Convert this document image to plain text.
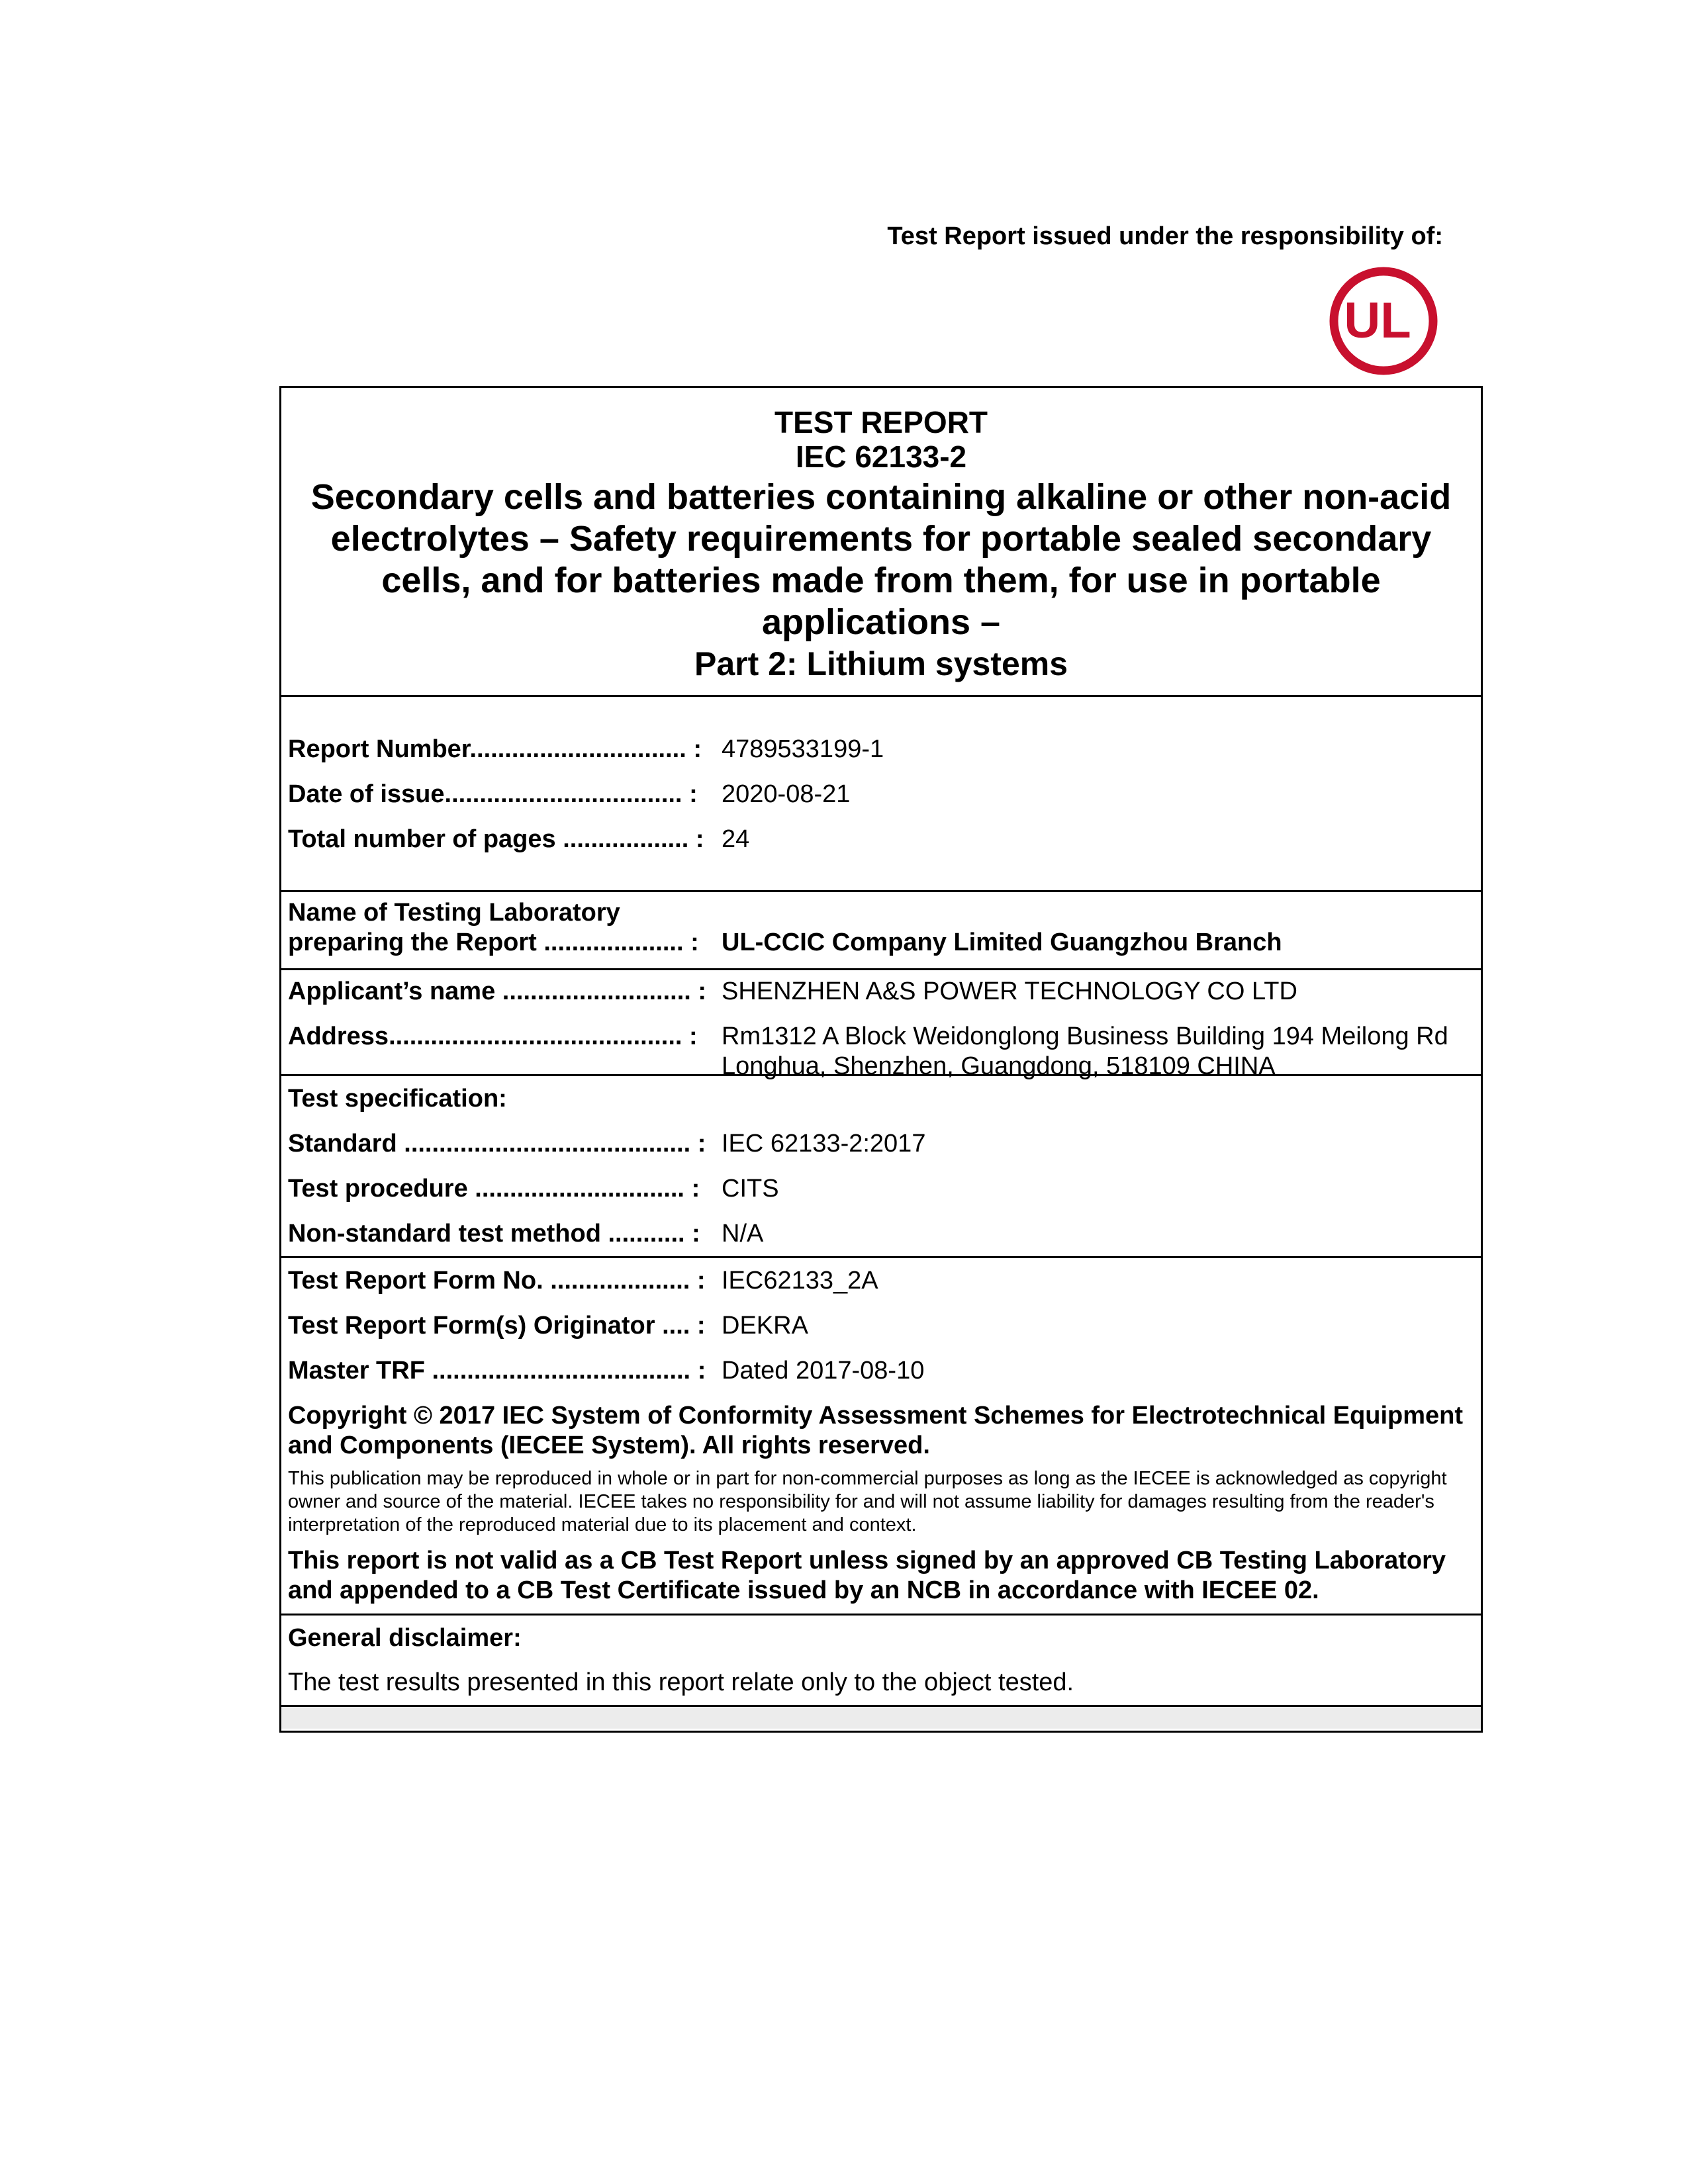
Test Report issued under the responsibility of:

UL

TEST REPORT

IEC 62133-2

Secondary cells and batteries containing alkaline or other non-acid electrolytes – Safety requirements for portable sealed secondary cells, and for batteries made from them, for use in portable applications –

Part 2: Lithium systems

Report Number............................... : 4789533199-1
Date of issue.................................. : 2020-08-21
Total number of pages .................. : 24
Name of Testing Laboratory
preparing the Report .................... : UL-CCIC Company Limited Guangzhou Branch
Applicant’s name ........................... : SHENZHEN A&S POWER TECHNOLOGY CO LTD
Address.......................................... : Rm1312 A Block Weidonglong Business Building 194 Meilong Rd Longhua, Shenzhen, Guangdong, 518109 CHINA
Test specification:
Standard ......................................... : IEC 62133-2:2017
Test procedure .............................. : CITS
Non-standard test method ........... : N/A
Test Report Form No. .................... : IEC62133_2A
Test Report Form(s) Originator .... : DEKRA
Master TRF ..................................... : Dated 2017-08-10
Copyright © 2017 IEC System of Conformity Assessment Schemes for Electrotechnical Equipment and Components (IECEE System). All rights reserved.
This publication may be reproduced in whole or in part for non-commercial purposes as long as the IECEE is acknowledged as copyright owner and source of the material. IECEE takes no responsibility for and will not assume liability for damages resulting from the reader's interpretation of the reproduced material due to its placement and context.
This report is not valid as a CB Test Report unless signed by an approved CB Testing Laboratory and appended to a CB Test Certificate issued by an NCB in accordance with IECEE 02.
General disclaimer:
The test results presented in this report relate only to the object tested.
